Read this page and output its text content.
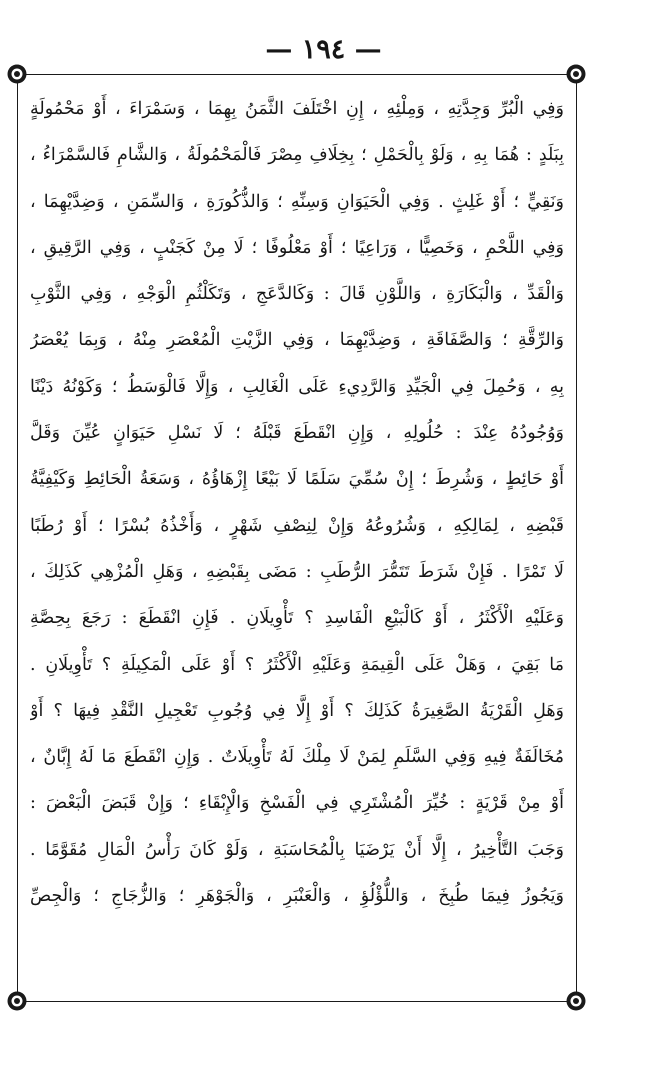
— ١٩٤ —
وَفِي الْبُرِّ وَجِدَّتِهِ ، وَمِلْئِهِ ، إِنِ اخْتَلَفَ الثَّمَنُ بِهِمَا ، وَسَمْرَاءَ ، أَوْ مَحْمُولَةٍ
بِبَلَدٍ : هُمَا بِهِ ، وَلَوْ بِالْحَمْلِ ؛ بِخِلَافِ مِصْرَ فَالْمَحْمُولَةُ ، وَالشَّامِ فَالسَّمْرَاءُ ،
وَنَقِيٍّ ؛ أَوْ غَلِثٍ . وَفِي الْحَيَوَانِ وَسِنِّهِ ؛ وَالذُّكُورَةِ ، وَالسِّمَنِ ، وَضِدَّيْهِمَا ،
وَفِي اللَّحْمِ ، وَخَصِيًّا ، وَرَاعِيًا ؛ أَوْ مَعْلُوفًا ؛ لَا مِنْ كَجَنْبٍ ، وَفِي الرَّقِيقِ ،
وَالْقَدِّ ، وَالْبَكَارَةِ ، وَاللَّوْنِ قَالَ : وَكَالدَّعَجِ ، وَتَكَلْثُمِ الْوَجْهِ ، وَفِي الثَّوْبِ
وَالرِّقَّةِ ؛ وَالصَّفَاقَةِ ، وَضِدَّيْهِمَا ، وَفِي الزَّيْتِ الْمُعْصَرِ مِنْهُ ، وَبِمَا يُعْصَرُ
بِهِ ، وَحُمِلَ فِي الْجَيِّدِ وَالرَّدِيءِ عَلَى الْغَالِبِ ، وَإِلَّا فَالْوَسَطُ ؛ وَكَوْنُهُ دَيْنًا
وَوُجُودُهُ عِنْدَ : حُلُولِهِ ، وَإِنِ انْقَطَعَ قَبْلَهُ ؛ لَا نَسْلِ حَيَوَانٍ عُيِّنَ وَقَلَّ
أَوْ حَائِطٍ ، وَشُرِطَ ؛ إِنْ سُمِّيَ سَلَمًا لَا بَيْعًا إِزْهَاؤُهُ ، وَسَعَةُ الْحَائِطِ وَكَيْفِيَّةُ
قَبْضِهِ ، لِمَالِكِهِ ، وَشُرُوعُهُ وَإِنْ لِنِصْفِ شَهْرٍ ، وَأَخْذُهُ بُسْرًا ؛ أَوْ رُطَبًا
لَا تَمْرًا . فَإِنْ شَرَطَ تَتَمُّرَ الرُّطَبِ : مَضَى بِقَبْضِهِ ، وَهَلِ الْمُزْهِي كَذَلِكَ ،
وَعَلَيْهِ الْأَكْثَرُ ، أَوْ كَالْبَيْعِ الْفَاسِدِ ؟ تَأْوِيلَانِ . فَإِنِ انْقَطَعَ : رَجَعَ بِحِصَّةِ
مَا بَقِيَ ، وَهَلْ عَلَى الْقِيمَةِ وَعَلَيْهِ الْأَكْثَرُ ؟ أَوْ عَلَى الْمَكِيلَةِ ؟ تَأْوِيلَانِ .
وَهَلِ الْقَرْيَةُ الصَّغِيرَةُ كَذَلِكَ ؟ أَوْ إِلَّا فِي وُجُوبِ تَعْجِيلِ النَّقْدِ فِيهَا ؟ أَوْ
مُخَالَفَةٌ فِيهِ وَفِي السَّلَمِ لِمَنْ لَا مِلْكَ لَهُ تَأْوِيلَاتٌ . وَإِنِ انْقَطَعَ مَا لَهُ إِبَّانٌ ،
أَوْ مِنْ قَرْيَةٍ : خُيِّرَ الْمُشْتَرِي فِي الْفَسْخِ وَالْإِبْقَاءِ ؛ وَإِنْ قَبَضَ الْبَعْضَ :
وَجَبَ التَّأْخِيرُ ، إِلَّا أَنْ يَرْضَيَا بِالْمُحَاسَبَةِ ، وَلَوْ كَانَ رَأْسُ الْمَالِ مُقَوَّمًا .
وَيَجُوزُ فِيمَا طُبِخَ ، وَاللُّؤْلُؤِ ، وَالْعَنْبَرِ ، وَالْجَوْهَرِ ؛ وَالزُّجَاجِ ؛ وَالْجِصِّ
